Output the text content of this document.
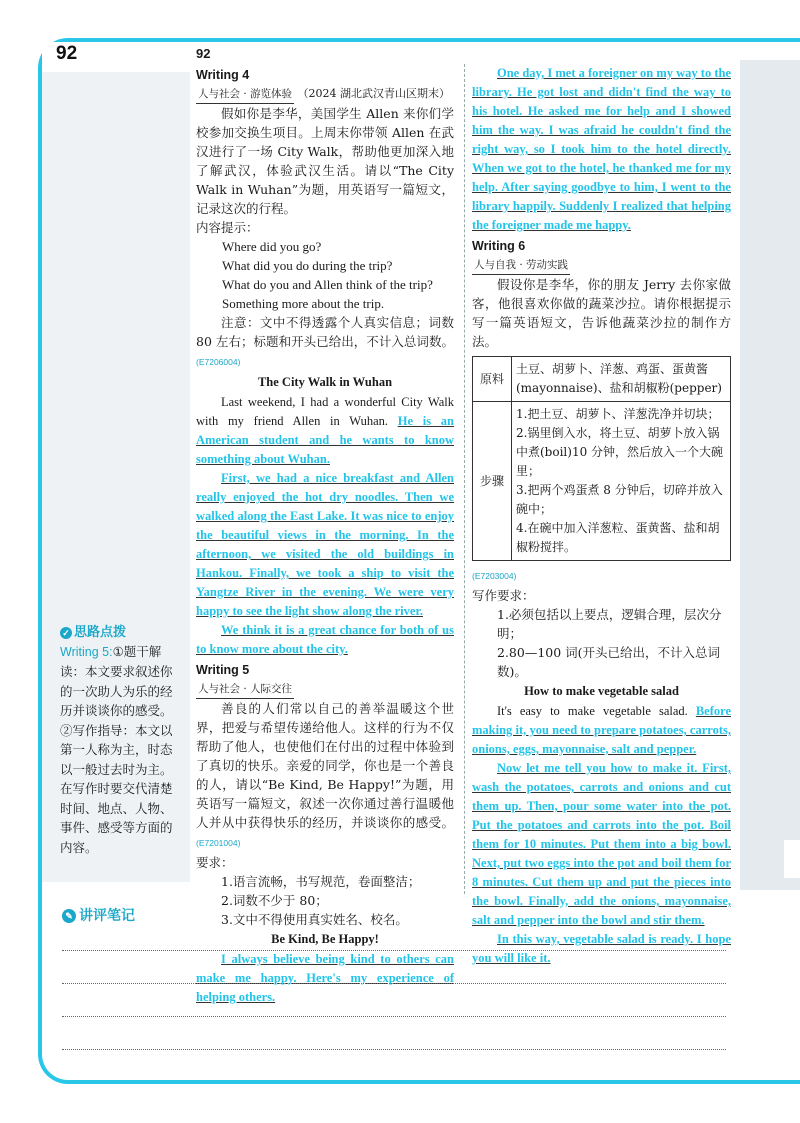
92	92
Writing 4
人与社会 · 游览体验 （2024 湖北武汉青山区期末）

假如你是李华，美国学生 Allen 来你们学校参加交换生项目。上周末你带领 Allen 在武汉进行了一场 City Walk，帮助他更加深入地了解武汉，体验武汉生活。请以“The City Walk in Wuhan”为题，用英语写一篇短文，记录这次的行程。

内容提示：

Where did you go?

What did you do during the trip?

What do you and Allen think of the trip?

Something more about the trip.

注意：文中不得透露个人真实信息；词数 80 左右；标题和开头已给出，不计入总词数。(E7206004)

The City Walk in Wuhan

Last weekend, I had a wonderful City Walk with my friend Allen in Wuhan. He is an American student and he wants to know something about Wuhan.

First, we had a nice breakfast and Allen really enjoyed the hot dry noodles. Then we walked along the East Lake. It was nice to enjoy the beautiful views in the morning. In the afternoon, we visited the old buildings in Hankou. Finally, we took a ship to visit the Yangtze River in the evening. We were very happy to see the light show along the river.

We think it is a great chance for both of us to know more about the city.

Writing 5
人与社会 · 人际交往

善良的人们常以自己的善举温暖这个世界，把爱与希望传递给他人。这样的行为不仅帮助了他人，也使他们在付出的过程中体验到了真切的快乐。亲爱的同学，你也是一个善良的人，请以“Be Kind, Be Happy!”为题，用英语写一篇短文，叙述一次你通过善行温暖他人并从中获得快乐的经历，并谈谈你的感受。(E7201004)

要求：

1.语言流畅，书写规范，卷面整洁；

2.词数不少于 80；

3.文中不得使用真实姓名、校名。

Be Kind, Be Happy!

I always believe being kind to others can make me happy. Here's my experience of helping others.

One day, I met a foreigner on my way to the library. He got lost and didn't find the way to his hotel. He asked me for help and I showed him the way. I was afraid he couldn't find the right way, so I took him to the hotel directly. When we got to the hotel, he thanked me for my help. After saying goodbye to him, I went to the library happily. Suddenly I realized that helping the foreigner made me happy.

Writing 6
人与自我 · 劳动实践

假设你是李华，你的朋友 Jerry 去你家做客，他很喜欢你做的蔬菜沙拉。请你根据提示写一篇英语短文，告诉他蔬菜沙拉的制作方法。

原料	土豆、胡萝卜、洋葱、鸡蛋、蛋黄酱(mayonnaise)、盐和胡椒粉(pepper)
步骤	1.把土豆、胡萝卜、洋葱洗净并切块；
2.锅里倒入水，将土豆、胡萝卜放入锅中煮(boil)10 分钟，然后放入一个大碗里；
3.把两个鸡蛋煮 8 分钟后，切碎并放入碗中；
4.在碗中加入洋葱粒、蛋黄酱、盐和胡椒粉搅拌。
(E7203004)

写作要求：

1.必须包括以上要点，逻辑合理，层次分明；

2.80—100 词(开头已给出，不计入总词数)。

How to make vegetable salad

It's easy to make vegetable salad. Before making it, you need to prepare potatoes, carrots, onions, eggs, mayonnaise, salt and pepper.

Now let me tell you how to make it. First, wash the potatoes, carrots and onions and cut them up. Then, pour some water into the pot. Put the potatoes and carrots into the pot. Boil them for 10 minutes. Put them into a big bowl. Next, put two eggs into the pot and boil them for 8 minutes. Cut them up and put the pieces into the bowl. Finally, add the onions, mayonnaise, salt and pepper into the bowl and stir them.

In this way, vegetable salad is ready. I hope you will like it.

✓ 思路点拨
Writing 5:①题干解读：本文要求叙述你的一次助人为乐的经历并谈谈你的感受。②写作指导：本文以第一人称为主，时态以一般过去时为主。在写作时要交代清楚时间、地点、人物、事件、感受等方面的内容。
✎ 讲评笔记
